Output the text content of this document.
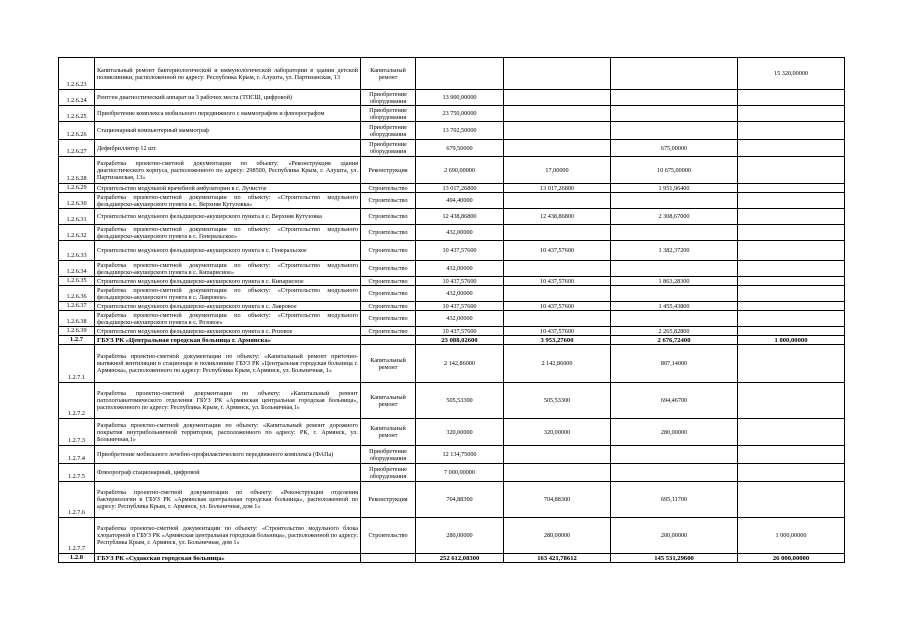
1.2.6.23	Капитальный ремонт бактериологической и иммунологической лаборатории в здании детской поликлиники, расположенной по адресу: Республика Крым, г. Алушта, ул. Партизанская, 13	Капитальный ремонт				15 320,00000
1.2.6.24	Рентген диагностический аппарат на 3 рабочих места (ТПСШ, цифровой)	Приобретение оборудования	13 900,00000			
1.2.6.25	Приобретение комплекса мобильного передвижного с маммографом и флюорографом	Приобретение оборудования	23 750,00000			
1.2.6.26	Стационарный компьютерный маммограф	Приобретение оборудования	13 702,50000			
1.2.6.27	Дефибриллятор 12 шт.	Приобретение оборудования	679,50000		675,00000	
1.2.6.28	Разработка проектно-сметной документации по объекту: «Реконструкция здания диагностического корпуса, расположенного по адресу: 298500, Республика Крым, г. Алушта, ул. Партизанская, 13»	Реконструкция	2 690,00000	17,00000	10 675,00000	
1.2.6.29	Строительство модульной врачебной амбулатории в с. Лучистое	Строительство	13 017,26800	13 017,26800	1 951,96400	
1.2.6.30	Разработка проектно-сметной документации по объекту: «Строительство модульного фельдшерско-акушерского пункта в с. Верхняя Кутузовка»	Строительство	494,40000			
1.2.6.31	Строительство модульного фельдшерско-акушерского пункта в с. Верхняя Кутузовка	Строительство	12 438,86800	12 438,86800	2 308,67000	
1.2.6.32	Разработка проектно-сметной документации по объекту: «Строительство модульного фельдшерско-акушерского пункта в с. Генеральское»	Строительство	432,00000			
1.2.6.33	Строительство модульного фельдшерско-акушерского пункта в с. Генеральское	Строительство	10 437,57600	10 437,57600	1 382,37200	
1.2.6.34	Разработка проектно-сметной документации по объекту: «Строительство модульного фельдшерско-акушерского пункта в с. Кипарисное»	Строительство	432,00000			
1.2.6.35	Строительство модульного фельдшерско-акушерского пункта в с. Кипарисное	Строительство	10 437,57600	10 437,57600	1 863,28300	
1.2.6.36	Разработка проектно-сметной документации по объекту: «Строительство модульного фельдшерско-акушерского пункта в с. Лавровое»	Строительство	432,00000			
1.2.6.37	Строительство модульного фельдшерско-акушерского пункта в с. Лавровое	Строительство	10 437,57600	10 437,57600	1 455,43800	
1.2.6.38	Разработка проектно-сметной документации по объекту: «Строительство модульного фельдшерско-акушерского пункта в с. Розовое»	Строительство	432,00000			
1.2.6.39	Строительство модульного фельдшерско-акушерского пункта в с. Розовое	Строительство	10 437,57600	10 437,57600	2 265,82800	
1.2.7	ГБУЗ РК «Центральная городская больница г. Армянска»		23 088,02600	3 953,27600	2 676,72400	1 000,00000
1.2.7.1	Разработка проектно-сметной документации по объекту: «Капитальный ремонт приточно-вытяжной вентиляции в стационаре и поликлинике ГБУЗ РК «Центральная городская больница г. Армянска», расположенного по адресу: Республика Крым, г.Армянск, ул. Больничная, 1»	Капитальный ремонт	2 142,86000	2 142,86000	807,14000	
1.2.7.2	Разработка проектно-сметной документации по объекту: «Капитальный ремонт патологоанатомического отделения ГБУЗ РК «Армянская центральная городская больница», расположенного по адресу: Республика Крым, г. Армянск, ул. Больничная,1»	Капитальный ремонт	505,53300	505,53300	694,46700	
1.2.7.3	Разработка проектно-сметной документации по объекту: «Капитальный ремонт дорожного покрытия внутрибольничной территории, расположенного по адресу: РК, г. Армянск, ул. Больничная,1»	Капитальный ремонт	320,00000	320,00000	280,00000	
1.2.7.4	Приобретение мобильного лечебно-профилактического передвижного комплекса (ФАПа)	Приобретение оборудования	12 134,75000			
1.2.7.5	Флюорограф стационарный, цифровой	Приобретение оборудования	7 000,00000			
1.2.7.6	Разработка проектно-сметной документации по объекту: «Реконструкция отделения бактериологии в ГБУЗ РК «Армянская центральная городская больница», расположенной по адресу: Республика Крым, г. Армянск, ул. Больничная, дом 1»	Реконструкция	704,88300	704,88300	695,11700	
1.2.7.7	Разработка проектно-сметной документации по объекту: «Строительство модульного блока хлораторной в ГБУЗ РК «Армянская центральная городская больница», расположенной по адресу: Республика Крым, г. Армянск, ул. Больничная, дом 1»	Строительство	280,00000	280,00000	200,00000	1 000,00000
1.2.8	ГБУЗ РК «Судакская городская больница»		252 612,08300	163 421,78612	145 531,29600	26 000,00000
